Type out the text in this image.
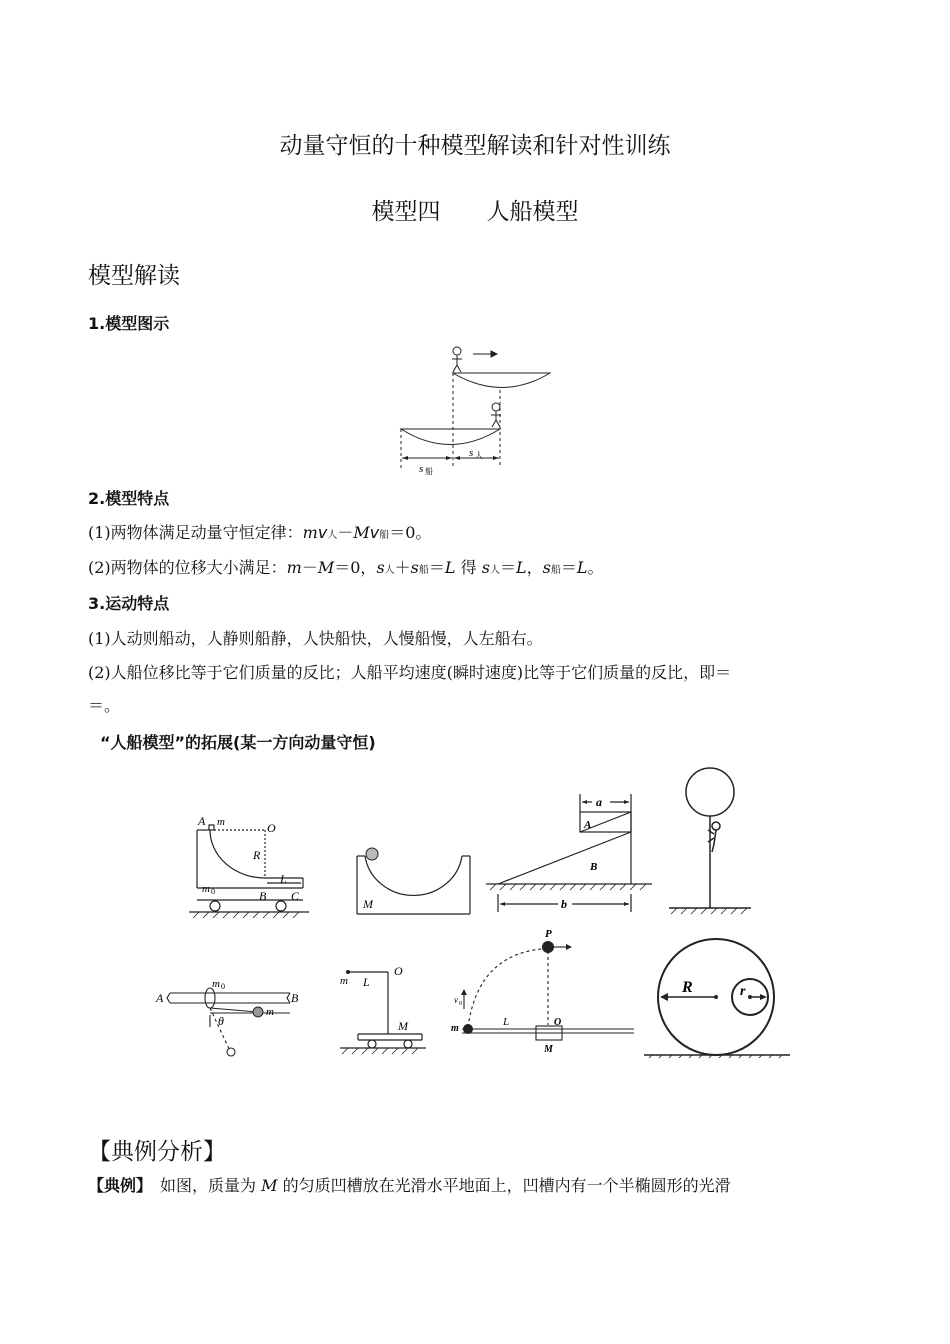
动量守恒的十种模型解读和针对性训练
模型四　　人船模型
模型解读
1.模型图示
s 船
s 人
2.模型特点
(1)两物体满足动量守恒定律：mv人－Mv船＝0。
(2)两物体的位移大小满足：m－M＝0，s人＋s船＝L 得 s人＝L，s船＝L。
3.运动特点
(1)人动则船动，人静则船静，人快船快，人慢船慢，人左船右。
(2)人船位移比等于它们质量的反比；人船平均速度(瞬时速度)比等于它们质量的反比，即＝
＝。
“人船模型”的拓展(某一方向动量守恒)
A m	O
R
L
m 0	B C
M
a
A
B
b
A	B
m 0
θ
m
m L
O
M
P
v 0
m
L	O
M
R	r
【典例分析】
【典例】　如图，质量为 M 的匀质凹槽放在光滑水平地面上，凹槽内有一个半椭圆形的光滑
